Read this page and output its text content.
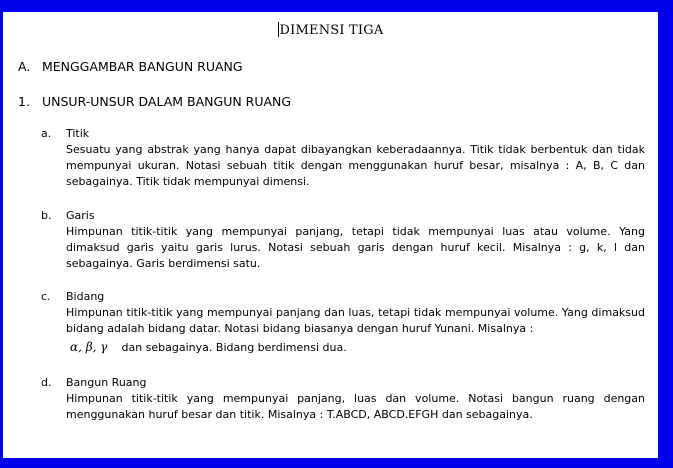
DIMENSI TIGA
A. MENGGAMBAR BANGUN RUANG
1. UNSUR-UNSUR DALAM BANGUN RUANG
a.	Titik
Sesuatu yang abstrak yang hanya dapat dibayangkan keberadaannya. Titik tidak berbentuk dan tidak mempunyai ukuran. Notasi sebuah titik dengan menggunakan huruf besar, misalnya : A, B, C dan sebagainya. Titik tidak mempunyai dimensi.
b.	Garis
Himpunan titik-titik yang mempunyai panjang, tetapi tidak mempunyai luas atau volume. Yang dimaksud garis yaitu garis lurus. Notasi sebuah garis dengan huruf kecil. Misalnya : g, k, l dan sebagainya. Garis berdimensi satu.
c.	Bidang
Himpunan titik-titik yang mempunyai panjang dan luas, tetapi tidak mempunyai volume. Yang dimaksud bidang adalah bidang datar. Notasi bidang biasanya dengan huruf Yunani. Misalnya :
α, β, γ dan sebagainya. Bidang berdimensi dua.
d.	Bangun Ruang
Himpunan titik-titik yang mempunyai panjang, luas dan volume. Notasi bangun ruang dengan menggunakan huruf besar dan titik. Misalnya : T.ABCD, ABCD.EFGH dan sebagainya.
